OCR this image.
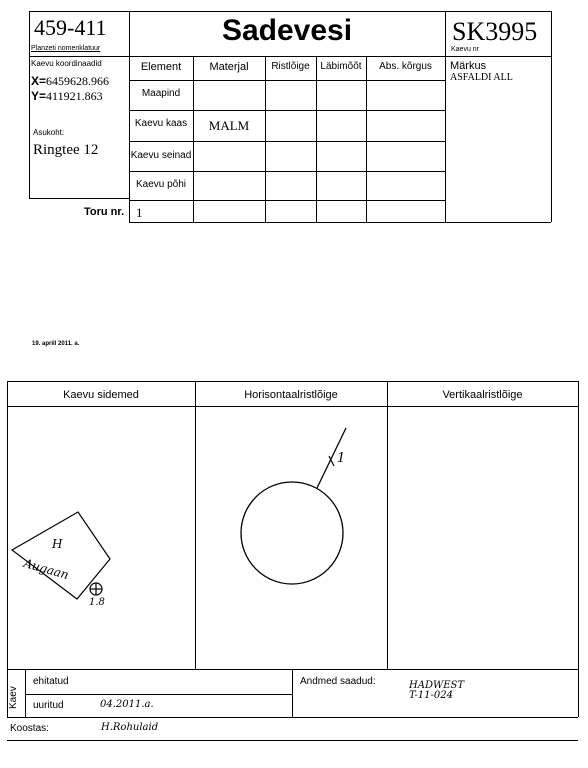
459-411
Planzeti nomenklatuur
Sadevesi	SK3995
Kaevu nr
Kaevu koordinaadid
X=6459628.966
Y=411921.863
Asukoht:
Ringtee 12
Element	Materjal	Ristlõige	Läbimõõt	Abs. kõrgus	Märkus
ASFALDI ALL
Maapind
Kaevu kaas	MALM
Kaevu seinad
Kaevu põhi
Toru nr. 1
19. aprill 2011. a.
Kaevu sidemed	Horisontaalristlõige	Vertikaalristlõige
H
Augaan
1.8
1
Kaev
ehitatud
uuritud	04.2011.a.
Andmed saadud:	HADWEST
T-11-024
Koostas:	H.Rohulaid
